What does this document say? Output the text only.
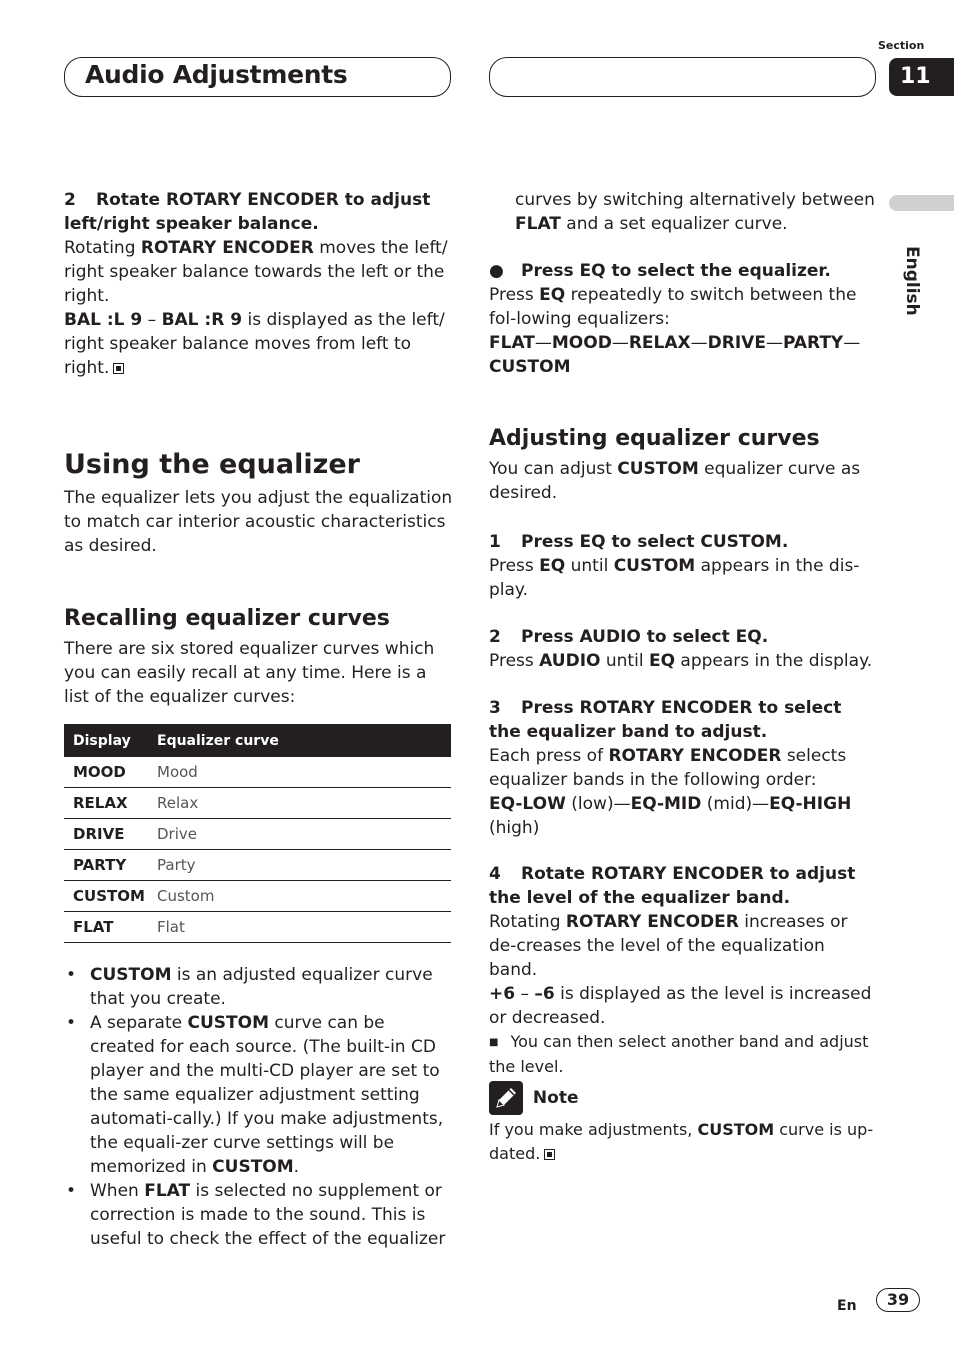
Audio Adjustments
Section
11
English

2 Rotate ROTARY ENCODER to adjust left/right speaker balance.

Rotating ROTARY ENCODER moves the left/ right speaker balance towards the left or the right.

BAL :L 9 – BAL :R 9 is displayed as the left/ right speaker balance moves from left to right.

Using the equalizer

The equalizer lets you adjust the equalization to match car interior acoustic characteristics as desired.

Recalling equalizer curves

There are six stored equalizer curves which you can easily recall at any time. Here is a list of the equalizer curves:

Display	Equalizer curve
MOOD	Mood
RELAX	Relax
DRIVE	Drive
PARTY	Party
CUSTOM	Custom
FLAT	Flat
• CUSTOM is an adjusted equalizer curve that you create.
• A separate CUSTOM curve can be created for each source. (The built-in CD player and the multi-CD player are set to the same equalizer adjustment setting automati-cally.) If you make adjustments, the equali-zer curve settings will be memorized in CUSTOM.
• When FLAT is selected no supplement or correction is made to the sound. This is useful to check the effect of the equalizer

curves by switching alternatively between FLAT and a set equalizer curve.

● Press EQ to select the equalizer.

Press EQ repeatedly to switch between the fol-lowing equalizers:

FLAT—MOOD—RELAX—DRIVE—PARTY—CUSTOM

Adjusting equalizer curves

You can adjust CUSTOM equalizer curve as desired.

1 Press EQ to select CUSTOM.

Press EQ until CUSTOM appears in the dis-play.

2 Press AUDIO to select EQ.

Press AUDIO until EQ appears in the display.

3 Press ROTARY ENCODER to select the equalizer band to adjust.

Each press of ROTARY ENCODER selects equalizer bands in the following order:

EQ-LOW (low)—EQ-MID (mid)—EQ-HIGH (high)

4 Rotate ROTARY ENCODER to adjust the level of the equalizer band.

Rotating ROTARY ENCODER increases or de-creases the level of the equalization band.

+6 – –6 is displayed as the level is increased or decreased.

■ You can then select another band and adjust the level.

Note

If you make adjustments, CUSTOM curve is up-dated.

En	39
